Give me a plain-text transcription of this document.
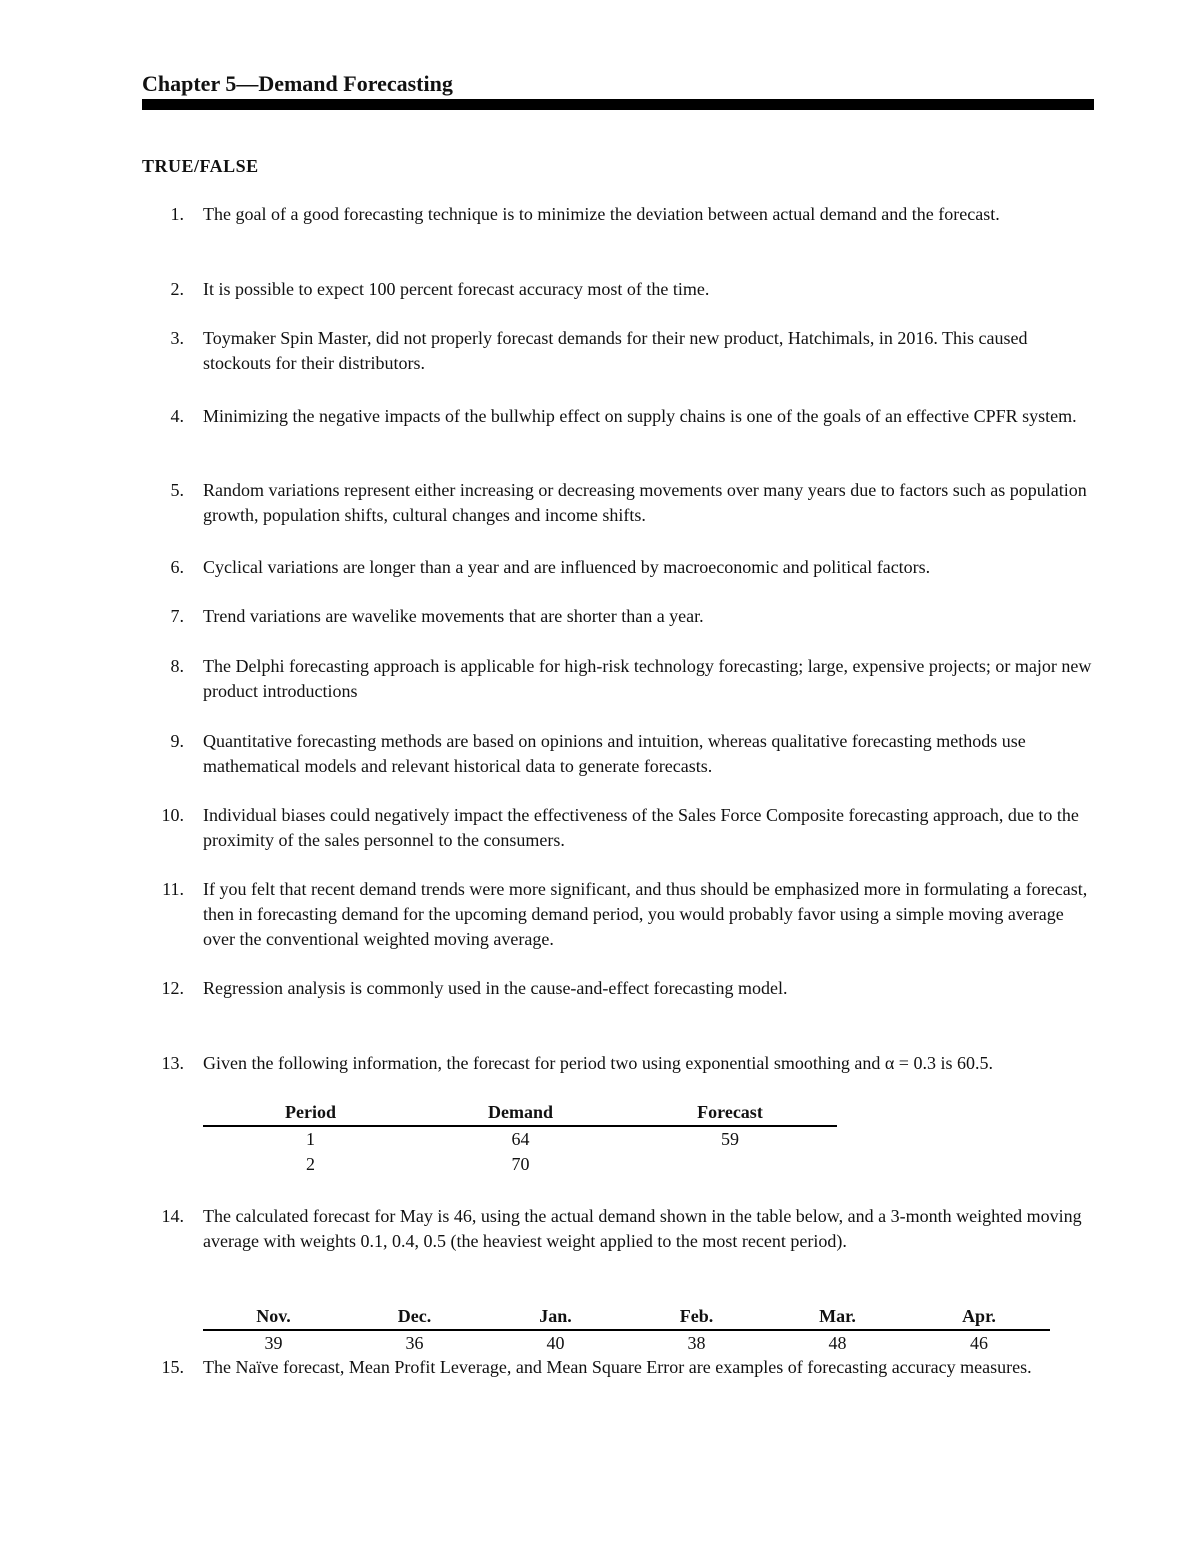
Chapter 5—Demand Forecasting
TRUE/FALSE
1. The goal of a good forecasting technique is to minimize the deviation between actual demand and the forecast.
2. It is possible to expect 100 percent forecast accuracy most of the time.
3. Toymaker Spin Master, did not properly forecast demands for their new product, Hatchimals, in 2016. This caused stockouts for their distributors.
4. Minimizing the negative impacts of the bullwhip effect on supply chains is one of the goals of an effective CPFR system.
5. Random variations represent either increasing or decreasing movements over many years due to factors such as population growth, population shifts, cultural changes and income shifts.
6. Cyclical variations are longer than a year and are influenced by macroeconomic and political factors.
7. Trend variations are wavelike movements that are shorter than a year.
8. The Delphi forecasting approach is applicable for high-risk technology forecasting; large, expensive projects; or major new product introductions
9. Quantitative forecasting methods are based on opinions and intuition, whereas qualitative forecasting methods use mathematical models and relevant historical data to generate forecasts.
10. Individual biases could negatively impact the effectiveness of the Sales Force Composite forecasting approach, due to the proximity of the sales personnel to the consumers.
11. If you felt that recent demand trends were more significant, and thus should be emphasized more in formulating a forecast, then in forecasting demand for the upcoming demand period, you would probably favor using a simple moving average over the conventional weighted moving average.
12. Regression analysis is commonly used in the cause-and-effect forecasting model.
13. Given the following information, the forecast for period two using exponential smoothing and α = 0.3 is 60.5.
Period	Demand	Forecast
1	64	59
2	70	
14. The calculated forecast for May is 46, using the actual demand shown in the table below, and a 3-month weighted moving average with weights 0.1, 0.4, 0.5 (the heaviest weight applied to the most recent period).
Nov.	Dec.	Jan.	Feb.	Mar.	Apr.
39	36	40	38	48	46
15. The Naïve forecast, Mean Profit Leverage, and Mean Square Error are examples of forecasting accuracy measures.
